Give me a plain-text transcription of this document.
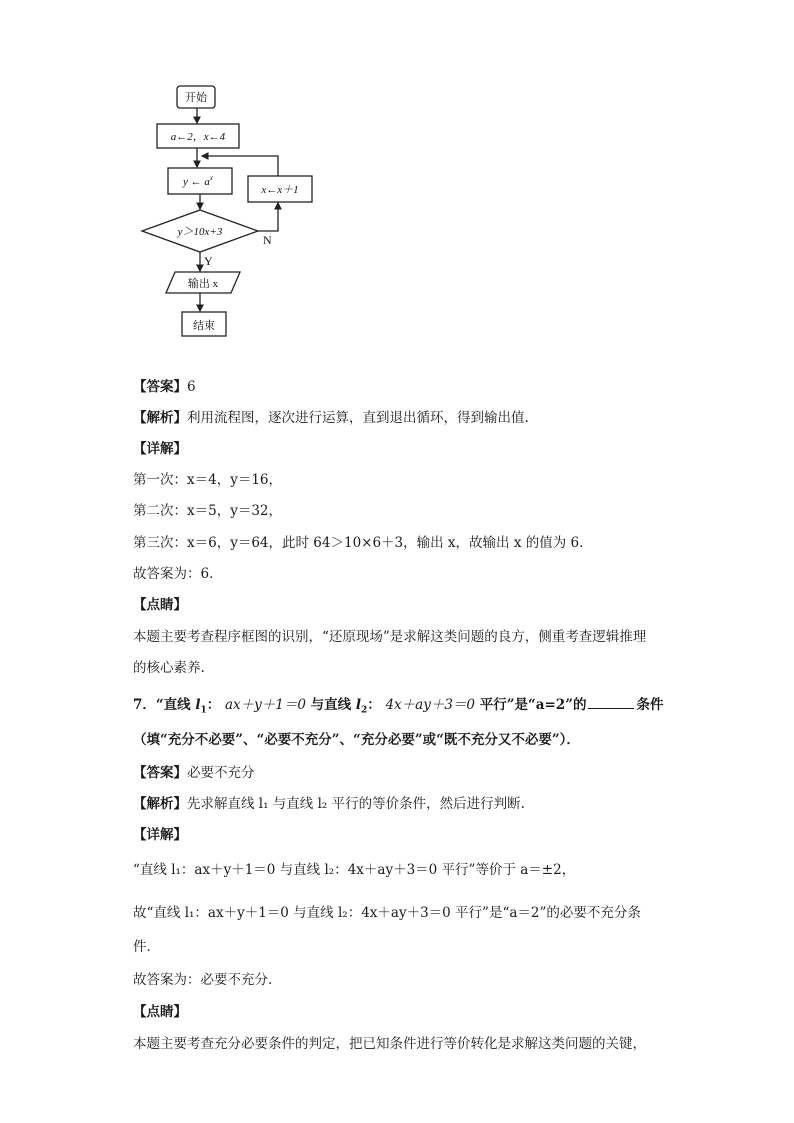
开始
a←2，x←4
y ← $a^x$
x←x＋1
y＞10x+3
N
Y
输出 x
结束
【答案】6
【解析】利用流程图，逐次进行运算，直到退出循环，得到输出值.
【详解】
第一次：x＝4，y＝16，
第二次：x＝5，y＝32，
第三次：x＝6，y＝64，此时 64＞10×6＋3，输出 x，故输出 x 的值为 6．
故答案为：6．
【点睛】
本题主要考查程序框图的识别，“还原现场”是求解这类问题的良方，侧重考查逻辑推理
的核心素养.
7．“直线 $l_1$： ax＋y＋1＝0 与直线 $l_2$： 4x＋ay＋3＝0 平行”是“a=2”的	条件
（填“充分不必要”、“必要不充分”、“充分必要”或“既不充分又不必要”）．
【答案】必要不充分
【解析】先求解直线 l₁ 与直线 l₂ 平行的等价条件，然后进行判断.
【详解】
“直线 l₁：ax＋y＋1＝0 与直线 l₂：4x＋ay＋3＝0 平行”等价于 a＝±2，
故“直线 l₁：ax＋y＋1＝0 与直线 l₂：4x＋ay＋3＝0 平行”是“a＝2”的必要不充分条
件．
故答案为：必要不充分.
【点睛】
本题主要考查充分必要条件的判定，把已知条件进行等价转化是求解这类问题的关键，
